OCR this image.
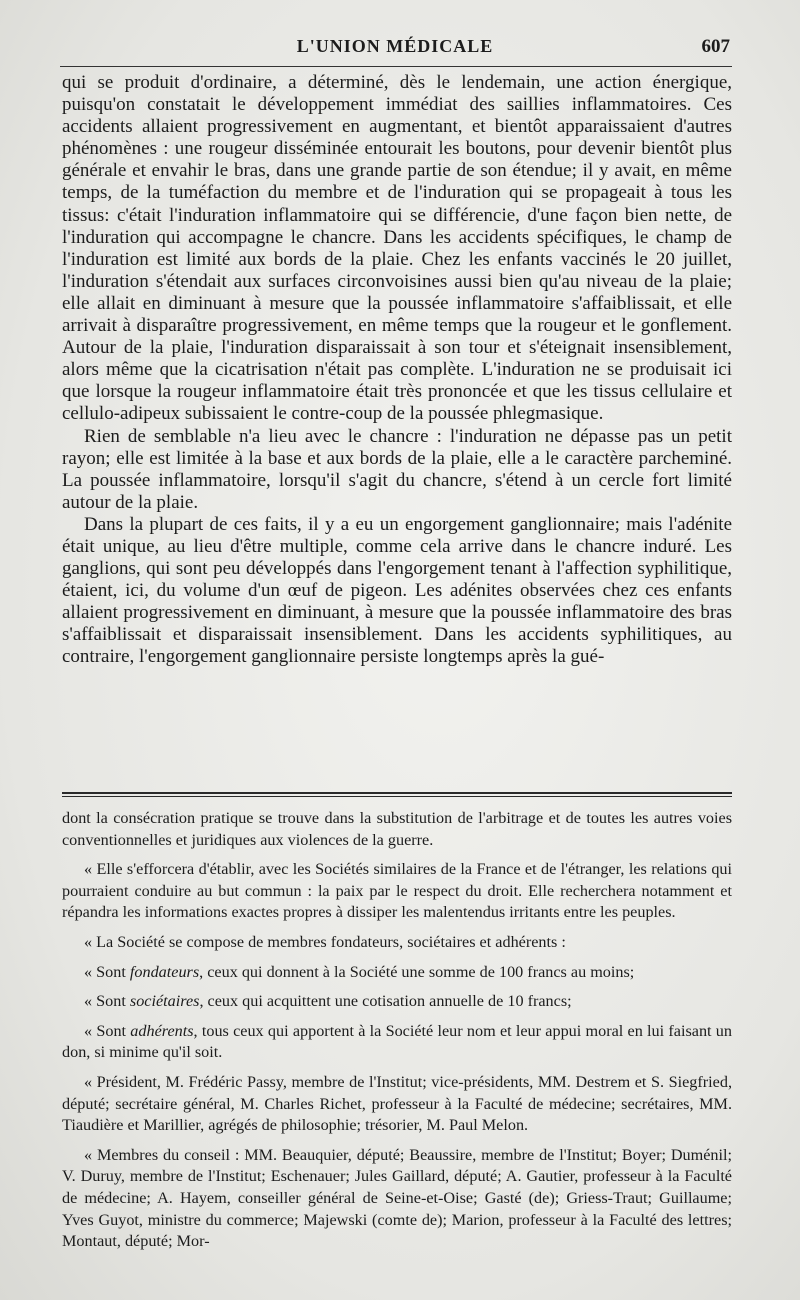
L'UNION MÉDICALE	607

qui se produit d'ordinaire, a déterminé, dès le lendemain, une action énergique, puisqu'on constatait le développement immédiat des saillies inflammatoires. Ces accidents allaient progressivement en augmentant, et bientôt apparaissaient d'autres phénomènes : une rougeur disséminée entourait les boutons, pour devenir bientôt plus générale et envahir le bras, dans une grande partie de son étendue; il y avait, en même temps, de la tuméfaction du membre et de l'induration qui se propageait à tous les tissus: c'était l'induration inflammatoire qui se différencie, d'une façon bien nette, de l'induration qui accompagne le chancre. Dans les accidents spécifiques, le champ de l'induration est limité aux bords de la plaie. Chez les enfants vaccinés le 20 juillet, l'induration s'étendait aux surfaces circonvoisines aussi bien qu'au niveau de la plaie; elle allait en diminuant à mesure que la poussée inflammatoire s'affaiblissait, et elle arrivait à disparaître progressivement, en même temps que la rougeur et le gonflement. Autour de la plaie, l'induration disparaissait à son tour et s'éteignait insensiblement, alors même que la cicatrisation n'était pas complète. L'induration ne se produisait ici que lorsque la rougeur inflammatoire était très prononcée et que les tissus cellulaire et cellulo-adipeux subissaient le contre-coup de la poussée phlegmasique.

Rien de semblable n'a lieu avec le chancre : l'induration ne dépasse pas un petit rayon; elle est limitée à la base et aux bords de la plaie, elle a le caractère parcheminé. La poussée inflammatoire, lorsqu'il s'agit du chancre, s'étend à un cercle fort limité autour de la plaie.

Dans la plupart de ces faits, il y a eu un engorgement ganglionnaire; mais l'adénite était unique, au lieu d'être multiple, comme cela arrive dans le chancre induré. Les ganglions, qui sont peu développés dans l'engorgement tenant à l'affection syphilitique, étaient, ici, du volume d'un œuf de pigeon. Les adénites observées chez ces enfants allaient progressivement en diminuant, à mesure que la poussée inflammatoire des bras s'affaiblissait et disparaissait insensiblement. Dans les accidents syphilitiques, au contraire, l'engorgement ganglionnaire persiste longtemps après la gué-

dont la consécration pratique se trouve dans la substitution de l'arbitrage et de toutes les autres voies conventionnelles et juridiques aux violences de la guerre.

« Elle s'efforcera d'établir, avec les Sociétés similaires de la France et de l'étranger, les relations qui pourraient conduire au but commun : la paix par le respect du droit. Elle recherchera notamment et répandra les informations exactes propres à dissiper les malentendus irritants entre les peuples.

« La Société se compose de membres fondateurs, sociétaires et adhérents :

« Sont fondateurs, ceux qui donnent à la Société une somme de 100 francs au moins;

« Sont sociétaires, ceux qui acquittent une cotisation annuelle de 10 francs;

« Sont adhérents, tous ceux qui apportent à la Société leur nom et leur appui moral en lui faisant un don, si minime qu'il soit.

« Président, M. Frédéric Passy, membre de l'Institut; vice-présidents, MM. Destrem et S. Siegfried, député; secrétaire général, M. Charles Richet, professeur à la Faculté de médecine; secrétaires, MM. Tiaudière et Marillier, agrégés de philosophie; trésorier, M. Paul Melon.

« Membres du conseil : MM. Beauquier, député; Beaussire, membre de l'Institut; Boyer; Duménil; V. Duruy, membre de l'Institut; Eschenauer; Jules Gaillard, député; A. Gautier, professeur à la Faculté de médecine; A. Hayem, conseiller général de Seine-et-Oise; Gasté (de); Griess-Traut; Guillaume; Yves Guyot, ministre du commerce; Majewski (comte de); Marion, professeur à la Faculté des lettres; Montaut, député; Mor-
